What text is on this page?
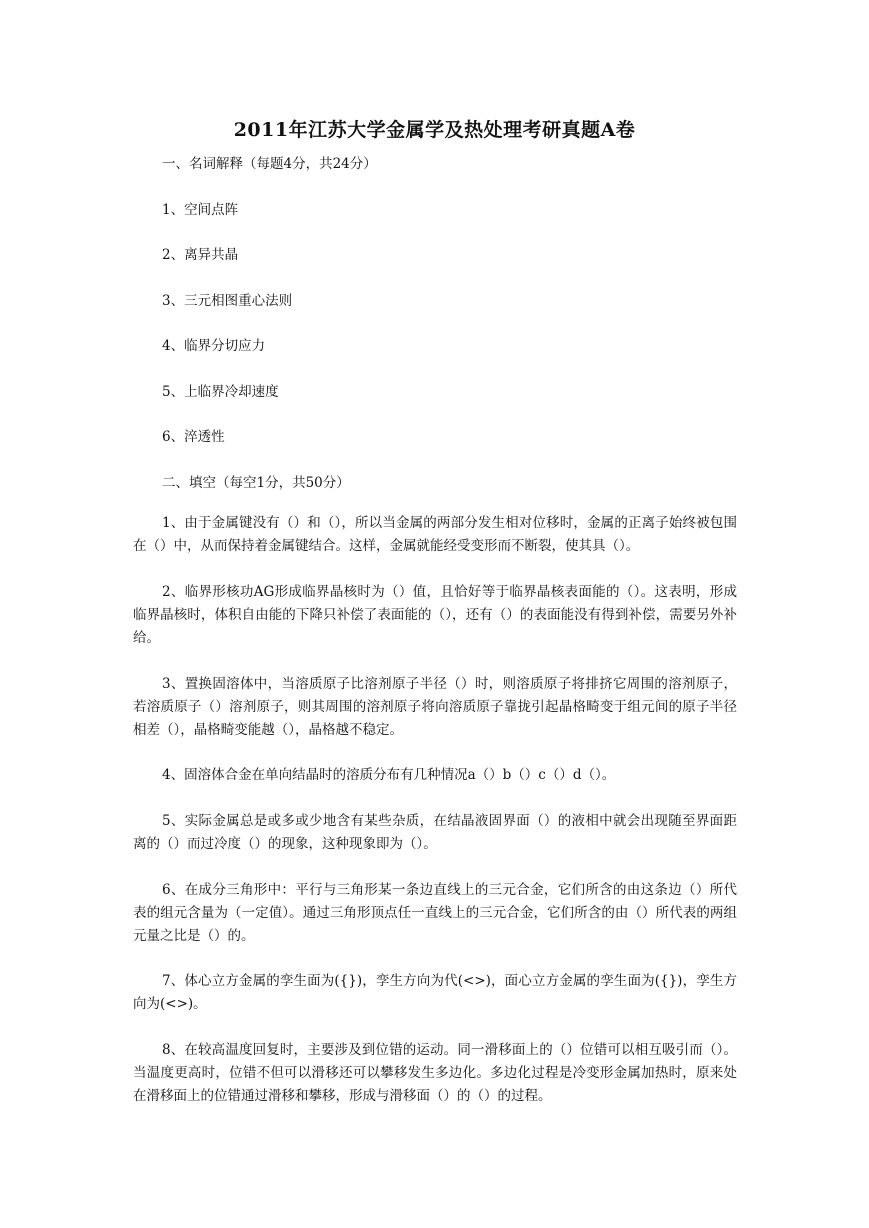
2011年江苏大学金属学及热处理考研真题A卷
一、名词解释（每题4分，共24分）
1、空间点阵
2、离异共晶
3、三元相图重心法则
4、临界分切应力
5、上临界冷却速度
6、淬透性
二、填空（每空1分，共50分）
1、由于金属键没有（）和（），所以当金属的两部分发生相对位移时，金属的正离子始终被包围在（）中，从而保持着金属键结合。这样，金属就能经受变形而不断裂，使其具（）。
2、临界形核功AG形成临界晶核时为（）值，且恰好等于临界晶核表面能的（）。这表明，形成临界晶核时，体积自由能的下降只补偿了表面能的（），还有（）的表面能没有得到补偿，需要另外补给。
3、置换固溶体中，当溶质原子比溶剂原子半径（）时，则溶质原子将排挤它周围的溶剂原子，若溶质原子（）溶剂原子，则其周围的溶剂原子将向溶质原子靠拢引起晶格畸变于组元间的原子半径相差（），晶格畸变能越（），晶格越不稳定。
4、固溶体合金在单向结晶时的溶质分布有几种情况a（）b（）c（）d（）。
5、实际金属总是或多或少地含有某些杂质，在结晶液固界面（）的液相中就会出现随至界面距离的（）而过冷度（）的现象，这种现象即为（）。
6、在成分三角形中：平行与三角形某一条边直线上的三元合金，它们所含的由这条边（）所代表的组元含量为（一定值）。通过三角形顶点任一直线上的三元合金，它们所含的由（）所代表的两组元量之比是（）的。
7、体心立方金属的孪生面为({})，孪生方向为代(<>)，面心立方金属的孪生面为({})，孪生方向为(<>)。
8、在较高温度回复时，主要涉及到位错的运动。同一滑移面上的（）位错可以相互吸引而（）。当温度更高时，位错不但可以滑移还可以攀移发生多边化。多边化过程是冷变形金属加热时，原来处在滑移面上的位错通过滑移和攀移，形成与滑移面（）的（）的过程。
